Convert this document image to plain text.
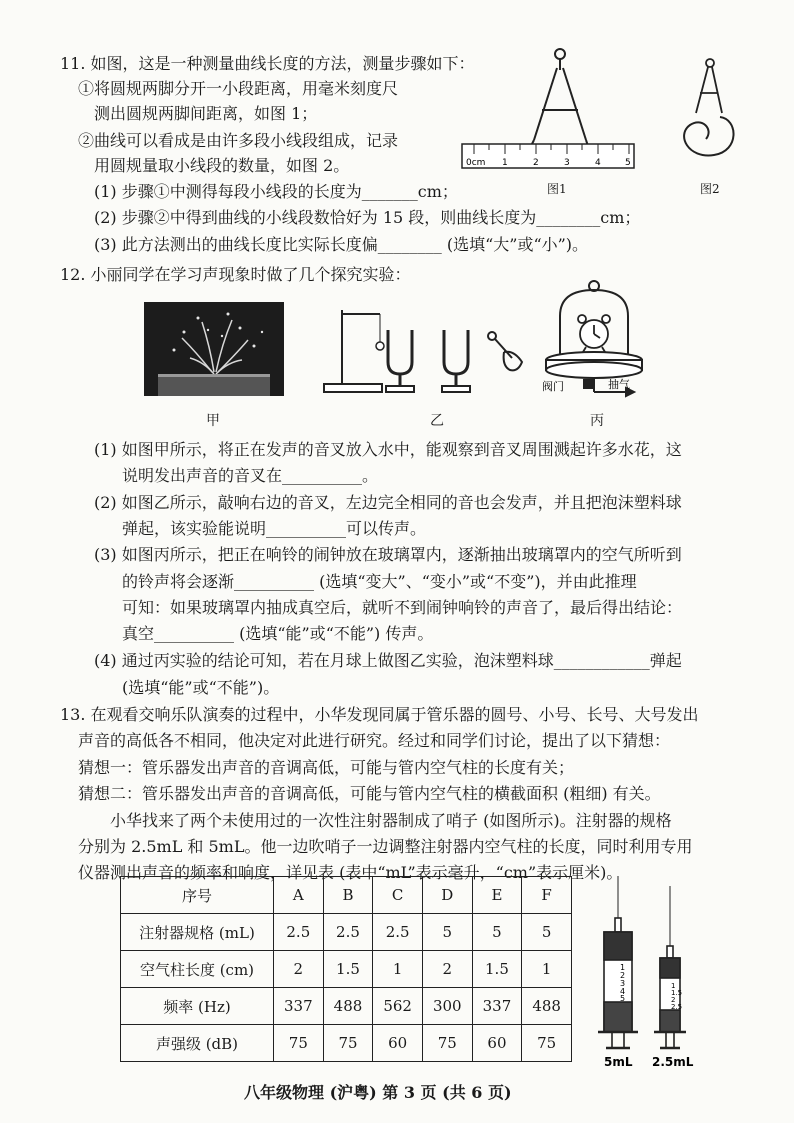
11. 如图，这是一种测量曲线长度的方法，测量步骤如下：
①将圆规两脚分开一小段距离，用毫米刻度尺
测出圆规两脚间距离，如图 1；
②曲线可以看成是由许多段小线段组成，记录
用圆规量取小线段的数量，如图 2。
(1) 步骤①中测得每段小线段的长度为_______cm；
(2) 步骤②中得到曲线的小线段数恰好为 15 段，则曲线长度为________cm；
(3) 此方法测出的曲线长度比实际长度偏________ (选填“大”或“小”)。
0cm 1	2	3	4	5
图1	图2
12. 小丽同学在学习声现象时做了几个探究实验：
甲	乙
阀门	抽气
丙
(1) 如图甲所示，将正在发声的音叉放入水中，能观察到音叉周围溅起许多水花，这
说明发出声音的音叉在__________。
(2) 如图乙所示，敲响右边的音叉，左边完全相同的音也会发声，并且把泡沫塑料球
弹起，该实验能说明__________可以传声。
(3) 如图丙所示，把正在响铃的闹钟放在玻璃罩内，逐渐抽出玻璃罩内的空气所听到
的铃声将会逐渐__________ (选填“变大”、“变小”或“不变”)，并由此推理
可知：如果玻璃罩内抽成真空后，就听不到闹钟响铃的声音了，最后得出结论：
真空__________ (选填“能”或“不能”) 传声。
(4) 通过丙实验的结论可知，若在月球上做图乙实验，泡沫塑料球____________弹起
(选填“能”或“不能”)。
13. 在观看交响乐队演奏的过程中，小华发现同属于管乐器的圆号、小号、长号、大号发出
声音的高低各不相同，他决定对此进行研究。经过和同学们讨论，提出了以下猜想：
猜想一：管乐器发出声音的音调高低，可能与管内空气柱的长度有关；
猜想二：管乐器发出声音的音调高低，可能与管内空气柱的横截面积 (粗细) 有关。
小华找来了两个未使用过的一次性注射器制成了哨子 (如图所示)。注射器的规格
分别为 2.5mL 和 5mL。他一边吹哨子一边调整注射器内空气柱的长度，同时利用专用
仪器测出声音的频率和响度，详见表 (表中“mL”表示毫升，“cm”表示厘米)。
序号	A	B	C	D	E	F
注射器规格 (mL)	2.5	2.5	2.5	5	5	5
空气柱长度 (cm)	2	1.5	1	2	1.5	1
频率 (Hz)	337	488	562	300	337	488
声强级 (dB)	75	75	60	75	60	75
1
2
3
4
5
1
1.5
2
2.5
5mL 2.5mL
八年级物理 (沪粤) 第 3 页 (共 6 页)
